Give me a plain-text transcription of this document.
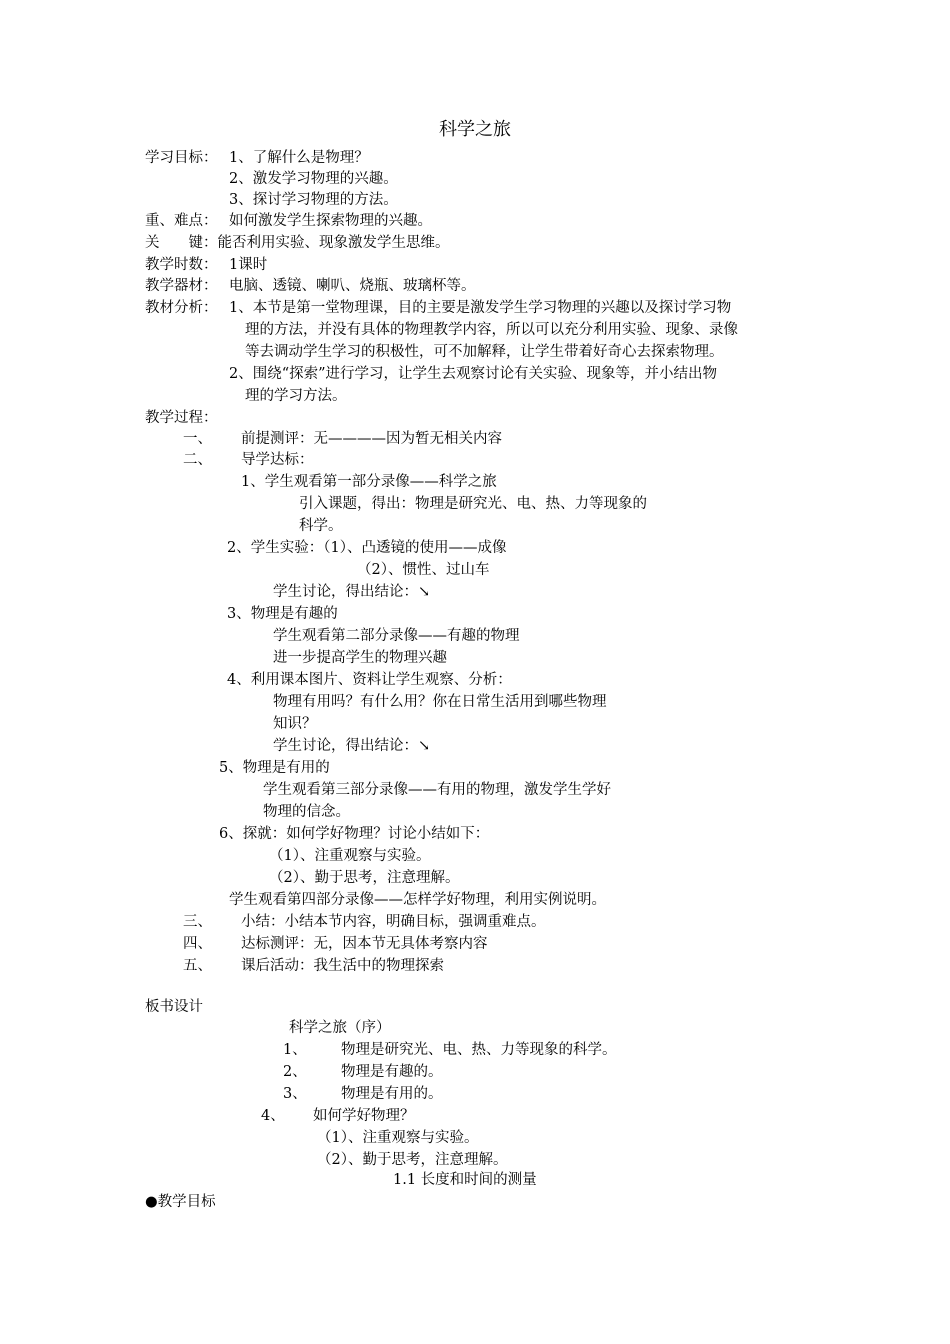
科学之旅
学习目标： 1、了解什么是物理？
2、激发学习物理的兴趣。
3、探讨学习物理的方法。
重、难点： 如何激发学生探索物理的兴趣。
关 键：能否利用实验、现象激发学生思维。
教学时数： 1课时
教学器材： 电脑、透镜、喇叭、烧瓶、玻璃杯等。
教材分析： 1、本节是第一堂物理课，目的主要是激发学生学习物理的兴趣以及探讨学习物
理的方法，并没有具体的物理教学内容，所以可以充分利用实验、现象、录像
等去调动学生学习的积极性，可不加解释，让学生带着好奇心去探索物理。
2、围绕“探索”进行学习，让学生去观察讨论有关实验、现象等，并小结出物
理的学习方法。
教学过程：
一、 前提测评：无————因为暂无相关内容
二、 导学达标：
1、学生观看第一部分录像——科学之旅
引入课题，得出：物理是研究光、电、热、力等现象的
科学。
2、学生实验：（1）、凸透镜的使用——成像
（2）、惯性、过山车
学生讨论，得出结论：↘
3、物理是有趣的
学生观看第二部分录像——有趣的物理
进一步提高学生的物理兴趣
4、利用课本图片、资料让学生观察、分析：
物理有用吗？有什么用？你在日常生活用到哪些物理
知识？
学生讨论，得出结论：↘
5、物理是有用的
学生观看第三部分录像——有用的物理，激发学生学好
物理的信念。
6、探就：如何学好物理？讨论小结如下：
（1）、注重观察与实验。
（2）、勤于思考，注意理解。
学生观看第四部分录像——怎样学好物理，利用实例说明。
三、 小结：小结本节内容，明确目标，强调重难点。
四、 达标测评：无，因本节无具体考察内容
五、 课后活动：我生活中的物理探索
板书设计
科学之旅（序）
1、 物理是研究光、电、热、力等现象的科学。
2、 物理是有趣的。
3、 物理是有用的。
4、 如何学好物理？
（1）、注重观察与实验。
（2）、勤于思考，注意理解。
1.1 长度和时间的测量
●教学目标
